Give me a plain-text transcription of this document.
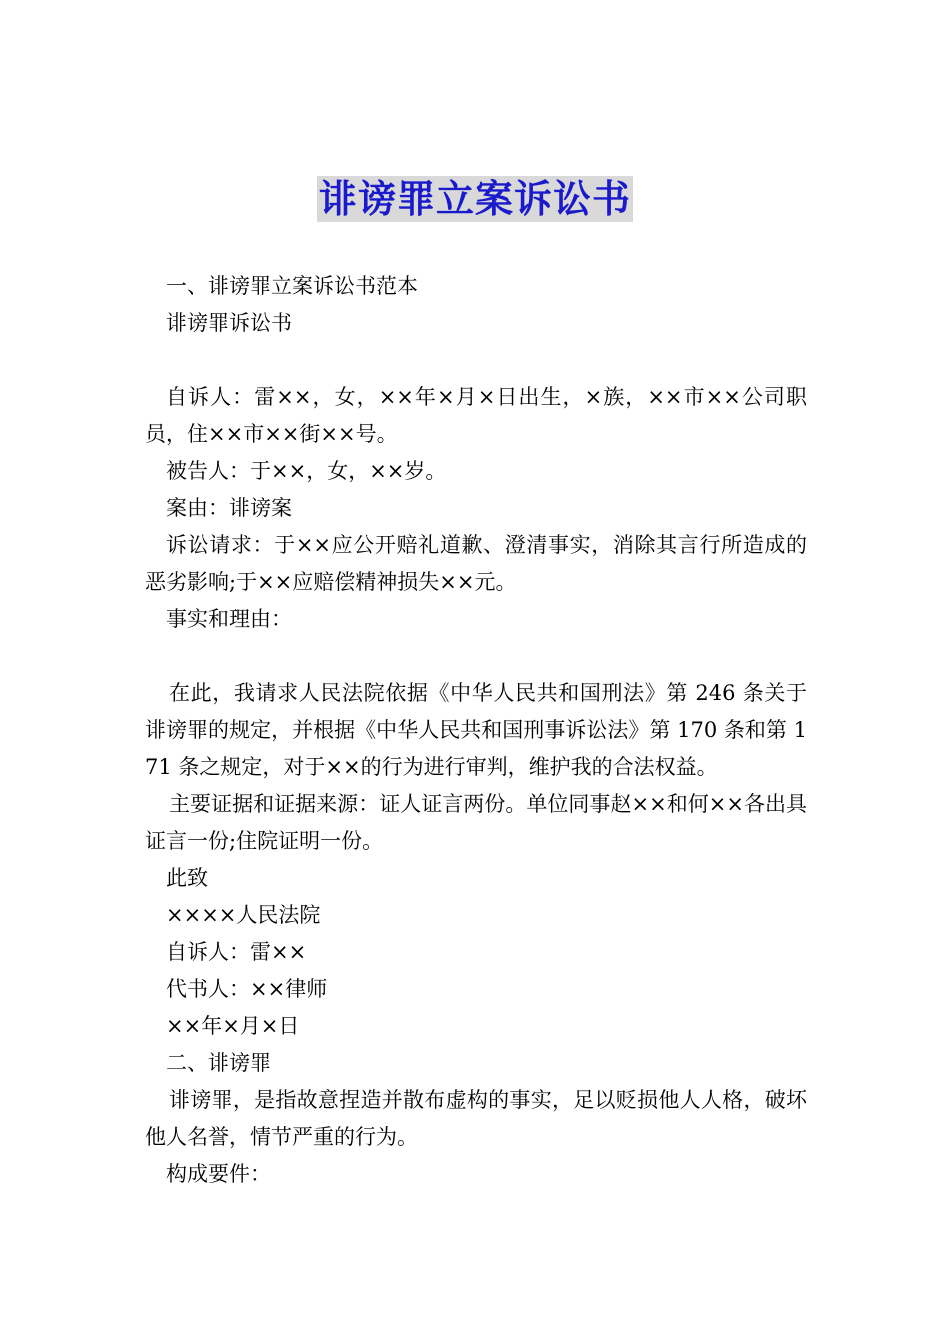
诽谤罪立案诉讼书

一、诽谤罪立案诉讼书范本

诽谤罪诉讼书

自诉人：雷××，女，××年×月×日出生，×族，××市××公司职员，住××市××街××号。

被告人：于××，女，××岁。

案由：诽谤案

诉讼请求：于××应公开赔礼道歉、澄清事实，消除其言行所造成的恶劣影响;于××应赔偿精神损失××元。

事实和理由：

在此，我请求人民法院依据《中华人民共和国刑法》第 246 条关于诽谤罪的规定，并根据《中华人民共和国刑事诉讼法》第 170 条和第 171 条之规定，对于××的行为进行审判，维护我的合法权益。

主要证据和证据来源：证人证言两份。单位同事赵××和何××各出具证言一份;住院证明一份。

此致

××××人民法院

自诉人：雷××

代书人：××律师

××年×月×日

二、诽谤罪

诽谤罪，是指故意捏造并散布虚构的事实，足以贬损他人人格，破坏他人名誉，情节严重的行为。

构成要件：
